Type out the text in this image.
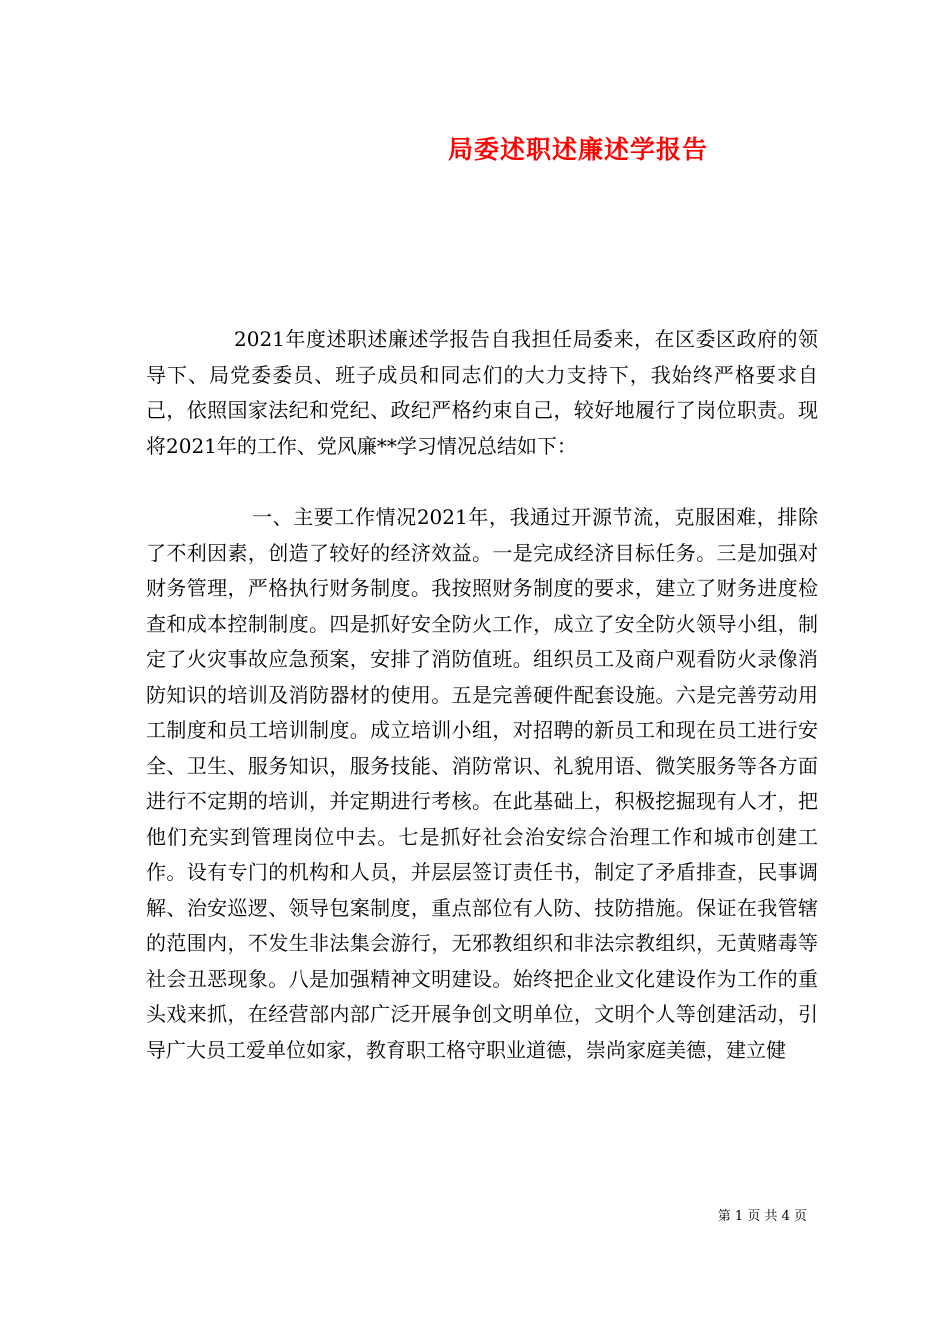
局委述职述廉述学报告

2021年度述职述廉述学报告自我担任局委来，在区委区政府的领导下、局党委委员、班子成员和同志们的大力支持下，我始终严格要求自己，依照国家法纪和党纪、政纪严格约束自己，较好地履行了岗位职责。现将2021年的工作、党风廉**学习情况总结如下：

一、主要工作情况2021年，我通过开源节流，克服困难，排除了不利因素，创造了较好的经济效益。一是完成经济目标任务。三是加强对财务管理，严格执行财务制度。我按照财务制度的要求，建立了财务进度检查和成本控制制度。四是抓好安全防火工作，成立了安全防火领导小组，制定了火灾事故应急预案，安排了消防值班。组织员工及商户观看防火录像消防知识的培训及消防器材的使用。五是完善硬件配套设施。六是完善劳动用工制度和员工培训制度。成立培训小组，对招聘的新员工和现在员工进行安全、卫生、服务知识，服务技能、消防常识、礼貌用语、微笑服务等各方面进行不定期的培训，并定期进行考核。在此基础上，积极挖掘现有人才，把他们充实到管理岗位中去。七是抓好社会治安综合治理工作和城市创建工作。设有专门的机构和人员，并层层签订责任书，制定了矛盾排查，民事调解、治安巡逻、领导包案制度，重点部位有人防、技防措施。保证在我管辖的范围内，不发生非法集会游行，无邪教组织和非法宗教组织，无黄赌毒等社会丑恶现象。八是加强精神文明建设。始终把企业文化建设作为工作的重头戏来抓，在经营部内部广泛开展争创文明单位，文明个人等创建活动，引导广大员工爱单位如家，教育职工格守职业道德，崇尚家庭美德，建立健

第 1 页 共 4 页
